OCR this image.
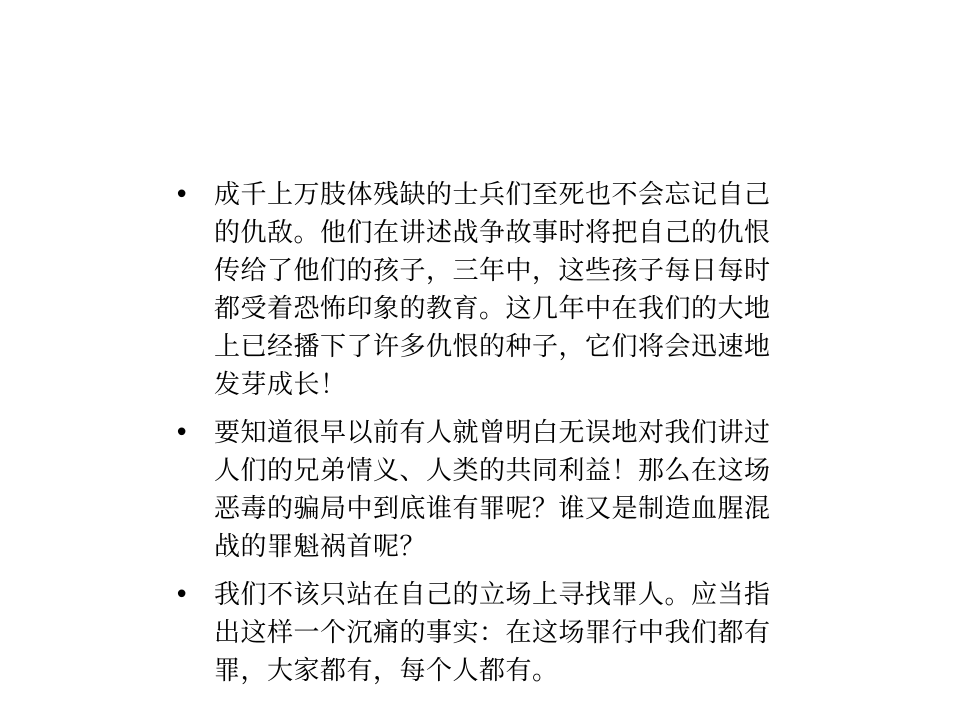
• 成千上万肢体残缺的士兵们至死也不会忘记自己的仇敌。他们在讲述战争故事时将把自己的仇恨传给了他们的孩子，三年中，这些孩子每日每时都受着恐怖印象的教育。这几年中在我们的大地上已经播下了许多仇恨的种子，它们将会迅速地发芽成长！
• 要知道很早以前有人就曾明白无误地对我们讲过人们的兄弟情义、人类的共同利益！那么在这场恶毒的骗局中到底谁有罪呢？谁又是制造血腥混战的罪魁祸首呢？
• 我们不该只站在自己的立场上寻找罪人。应当指出这样一个沉痛的事实：在这场罪行中我们都有罪，大家都有，每个人都有。
